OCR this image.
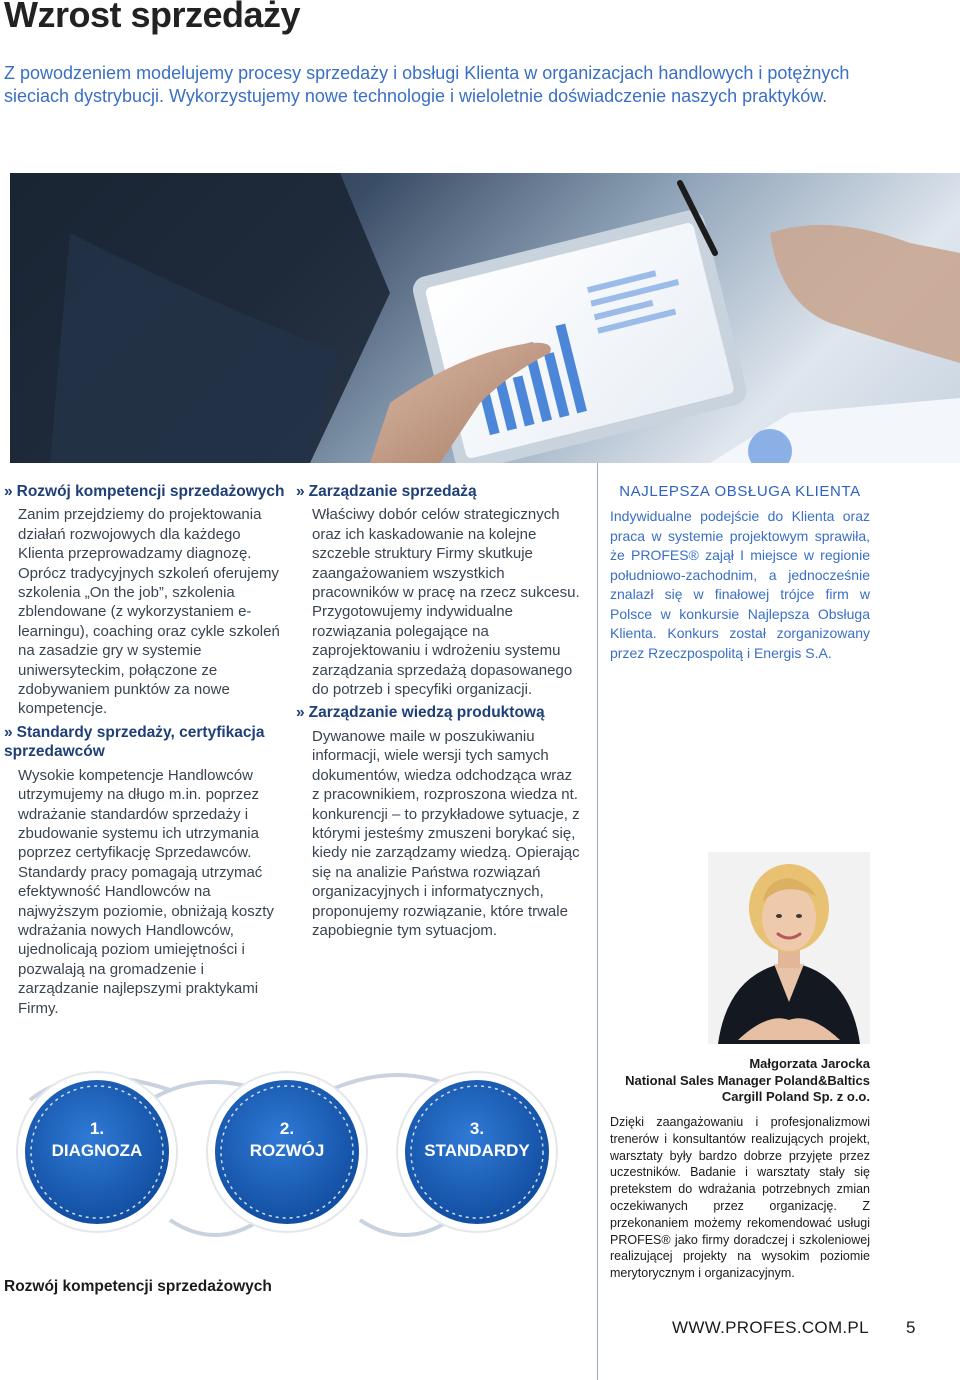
Wzrost sprzedaży

Z powodzeniem modelujemy procesy sprzedaży i obsługi Klienta w organizacjach handlowych i potężnych sieciach dystrybucji. Wykorzystujemy nowe technologie i wieloletnie doświadczenie naszych praktyków.

» Rozwój kompetencji sprzedażowych

Zanim przejdziemy do projektowania działań rozwojowych dla każdego Klienta przeprowadzamy diagnozę.

Oprócz tradycyjnych szkoleń oferujemy szkolenia „On the job”, szkolenia zblendowane (z wykorzystaniem e-learningu), coaching oraz cykle szkoleń na zasadzie gry w systemie uniwersyteckim, połączone ze zdobywaniem punktów za nowe kompetencje.

» Standardy sprzedaży, certyfikacja sprzedawców

Wysokie kompetencje Handlowców utrzymujemy na długo m.in. poprzez wdrażanie standardów sprzedaży i zbudowanie systemu ich utrzymania poprzez certyfikację Sprzedawców.

Standardy pracy pomagają utrzymać efektywność Handlowców na najwyższym poziomie, obniżają koszty wdrażania nowych Handlowców, ujednolicają poziom umiejętności i pozwalają na gromadzenie i zarządzanie najlepszymi praktykami Firmy.

» Zarządzanie sprzedażą

Właściwy dobór celów strategicznych oraz ich kaskadowanie na kolejne szczeble struktury Firmy skutkuje zaangażowaniem wszystkich pracowników w pracę na rzecz sukcesu. Przygotowujemy indywidualne rozwiązania polegające na zaprojektowaniu i wdrożeniu systemu zarządzania sprzedażą dopasowanego do potrzeb i specyfiki organizacji.

» Zarządzanie wiedzą produktową

Dywanowe maile w poszukiwaniu informacji, wiele wersji tych samych dokumentów, wiedza odchodząca wraz z pracownikiem, rozproszona wiedza nt. konkurencji – to przykładowe sytuacje, z którymi jesteśmy zmuszeni borykać się, kiedy nie zarządzamy wiedzą. Opierając się na analizie Państwa rozwiązań organizacyjnych i informatycznych, proponujemy rozwiązanie, które trwale zapobiegnie tym sytuacjom.

NAJLEPSZA OBSŁUGA KLIENTA

Indywidualne podejście do Klienta oraz praca w systemie projektowym sprawiła, że PROFES® zajął I miejsce w regionie południowo-zachodnim, a jednocześnie znalazł się w finałowej trójce firm w Polsce w konkursie Najlepsza Obsługa Klienta. Konkurs został zorganizowany przez Rzeczpospolitą i Energis S.A.

Małgorzata Jarocka
National Sales Manager Poland&Baltics
Cargill Poland Sp. z o.o.

Dzięki zaangażowaniu i profesjonalizmowi trenerów i konsultantów realizujących projekt, warsztaty były bardzo dobrze przyjęte przez uczestników. Badanie i warsztaty stały się pretekstem do wdrażania potrzebnych zmian oczekiwanych przez organizację. Z przekonaniem możemy rekomendować usługi PROFES® jako firmy doradczej i szkoleniowej realizującej projekty na wysokim poziomie merytorycznym i organizacyjnym.

1.
DIAGNOZA
2.
ROZWÓJ
3.
STANDARDY
Rozwój kompetencji sprzedażowych
WWW.PROFES.COM.PL 5
